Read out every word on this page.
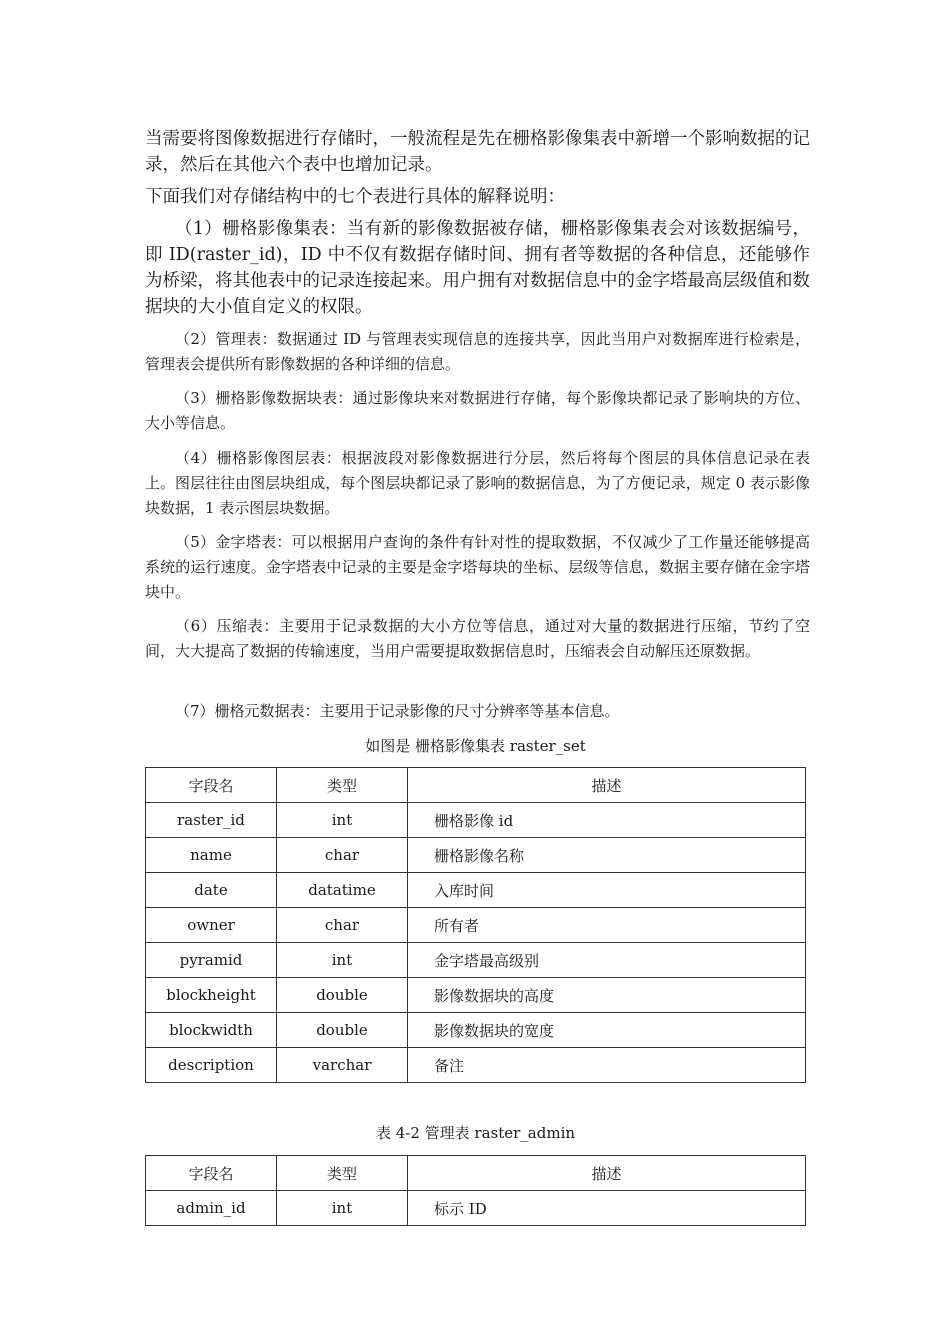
当需要将图像数据进行存储时，一般流程是先在栅格影像集表中新增一个影响数据的记录，然后在其他六个表中也增加记录。

下面我们对存储结构中的七个表进行具体的解释说明：

（1）栅格影像集表：当有新的影像数据被存储，栅格影像集表会对该数据编号，即 ID(raster_id)，ID 中不仅有数据存储时间、拥有者等数据的各种信息，还能够作为桥梁，将其他表中的记录连接起来。用户拥有对数据信息中的金字塔最高层级值和数据块的大小值自定义的权限。

（2）管理表：数据通过 ID 与管理表实现信息的连接共享，因此当用户对数据库进行检索是，管理表会提供所有影像数据的各种详细的信息。

（3）栅格影像数据块表：通过影像块来对数据进行存储，每个影像块都记录了影响块的方位、大小等信息。

（4）栅格影像图层表：根据波段对影像数据进行分层，然后将每个图层的具体信息记录在表上。图层往往由图层块组成，每个图层块都记录了影响的数据信息，为了方便记录，规定 0 表示影像块数据，1 表示图层块数据。

（5）金字塔表：可以根据用户查询的条件有针对性的提取数据，不仅减少了工作量还能够提高系统的运行速度。金字塔表中记录的主要是金字塔每块的坐标、层级等信息，数据主要存储在金字塔块中。

（6）压缩表：主要用于记录数据的大小方位等信息，通过对大量的数据进行压缩，节约了空间，大大提高了数据的传输速度，当用户需要提取数据信息时，压缩表会自动解压还原数据。

（7）栅格元数据表：主要用于记录影像的尺寸分辨率等基本信息。

如图是 栅格影像集表 raster_set

字段名	类型	描述
raster_id	int	栅格影像 id
name	char	栅格影像名称
date	datatime	入库时间
owner	char	所有者
pyramid	int	金字塔最高级别
blockheight	double	影像数据块的高度
blockwidth	double	影像数据块的宽度
description	varchar	备注

表 4-2 管理表 raster_admin

字段名	类型	描述
admin_id	int	标示 ID
